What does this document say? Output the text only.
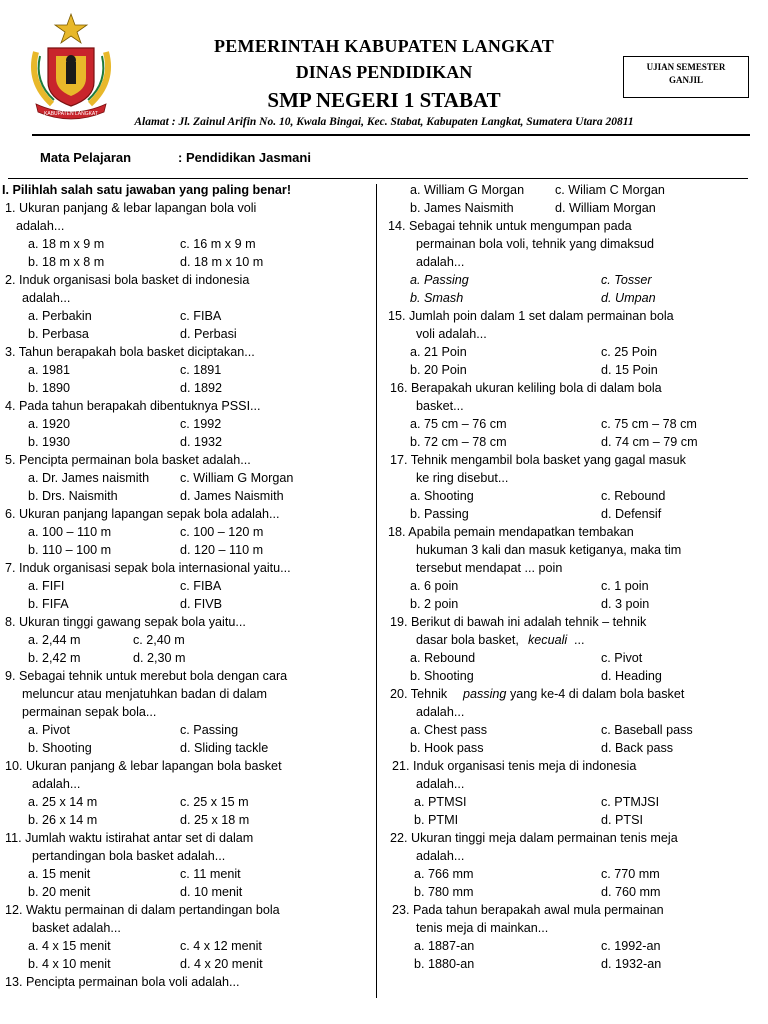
KABUPATEN LANGKAT
PEMERINTAH KABUPATEN LANGKAT
DINAS PENDIDIKAN
SMP NEGERI 1 STABAT
Alamat : Jl. Zainul Arifin No. 10, Kwala Bingai, Kec. Stabat, Kabupaten Langkat, Sumatera Utara 20811
UJIAN SEMESTER
GANJIL
Mata Pelajaran	: Pendidikan Jasmani
I. Pilihlah salah satu jawaban yang paling benar!
1. Ukuran panjang & lebar lapangan bola voli
adalah...
a. 18 m x 9 m	c. 16 m x 9 m
b. 18 m x 8 m	d. 18 m x 10 m
2. Induk organisasi bola basket di indonesia
adalah...
a. Perbakin	c. FIBA
b. Perbasa	d. Perbasi
3. Tahun berapakah bola basket diciptakan...
a. 1981	c. 1891
b. 1890	d. 1892
4. Pada tahun berapakah dibentuknya PSSI...
a. 1920	c. 1992
b. 1930	d. 1932
5. Pencipta permainan bola basket adalah...
a. Dr. James naismith c. William G Morgan
b. Drs. Naismith	d. James Naismith
6. Ukuran panjang lapangan sepak bola adalah...
a. 100 – 110 m	c. 100 – 120 m
b. 110 – 100 m	d. 120 – 110 m
7. Induk organisasi sepak bola internasional yaitu...
a. FIFI	c. FIBA
b. FIFA	d. FIVB
8. Ukuran tinggi gawang sepak bola yaitu...
a. 2,44 m	c. 2,40 m
b. 2,42 m	d. 2,30 m
9. Sebagai tehnik untuk merebut bola dengan cara
meluncur atau menjatuhkan badan di dalam
permainan sepak bola...
a. Pivot	c. Passing
b. Shooting	d. Sliding tackle
10. Ukuran panjang & lebar lapangan bola basket
adalah...
a. 25 x 14 m	c. 25 x 15 m
b. 26 x 14 m	d. 25 x 18 m
11. Jumlah waktu istirahat antar set di dalam
pertandingan bola basket adalah...
a. 15 menit	c. 11 menit
b. 20 menit	d. 10 menit
12. Waktu permainan di dalam pertandingan bola
basket adalah...
a. 4 x 15 menit	c. 4 x 12 menit
b. 4 x 10 menit	d. 4 x 20 menit
13. Pencipta permainan bola voli adalah...
a. William G Morgan c. Wiliam C Morgan
b. James Naismith	d. William Morgan
14. Sebagai tehnik untuk mengumpan pada
permainan bola voli, tehnik yang dimaksud
adalah...
a. Passing	c. Tosser
b. Smash	d. Umpan
15. Jumlah poin dalam 1 set dalam permainan bola
voli adalah...
a. 21 Poin	c. 25 Poin
b. 20 Poin	d. 15 Poin
16. Berapakah ukuran keliling bola di dalam bola
basket...
a. 75 cm – 76 cm	c. 75 cm – 78 cm
b. 72 cm – 78 cm	d. 74 cm – 79 cm
17. Tehnik mengambil bola basket yang gagal masuk
ke ring disebut...
a. Shooting	c. Rebound
b. Passing	d. Defensif
18. Apabila pemain mendapatkan tembakan
hukuman 3 kali dan masuk ketiganya, maka tim
tersebut mendapat ... poin
a. 6 poin	c. 1 poin
b. 2 poin	d. 3 poin
19. Berikut di bawah ini adalah tehnik – tehnik
dasar bola basket, kecuali ...
a. Rebound	c. Pivot
b. Shooting	d. Heading
20. Tehnik passing yang ke-4 di dalam bola basket
adalah...
a. Chest pass	c. Baseball pass
b. Hook pass	d. Back pass
21. Induk organisasi tenis meja di indonesia
adalah...
a. PTMSI	c. PTMJSI
b. PTMI	d. PTSI
22. Ukuran tinggi meja dalam permainan tenis meja
adalah...
a. 766 mm	c. 770 mm
b. 780 mm	d. 760 mm
23. Pada tahun berapakah awal mula permainan
tenis meja di mainkan...
a. 1887-an	c. 1992-an
b. 1880-an	d. 1932-an
